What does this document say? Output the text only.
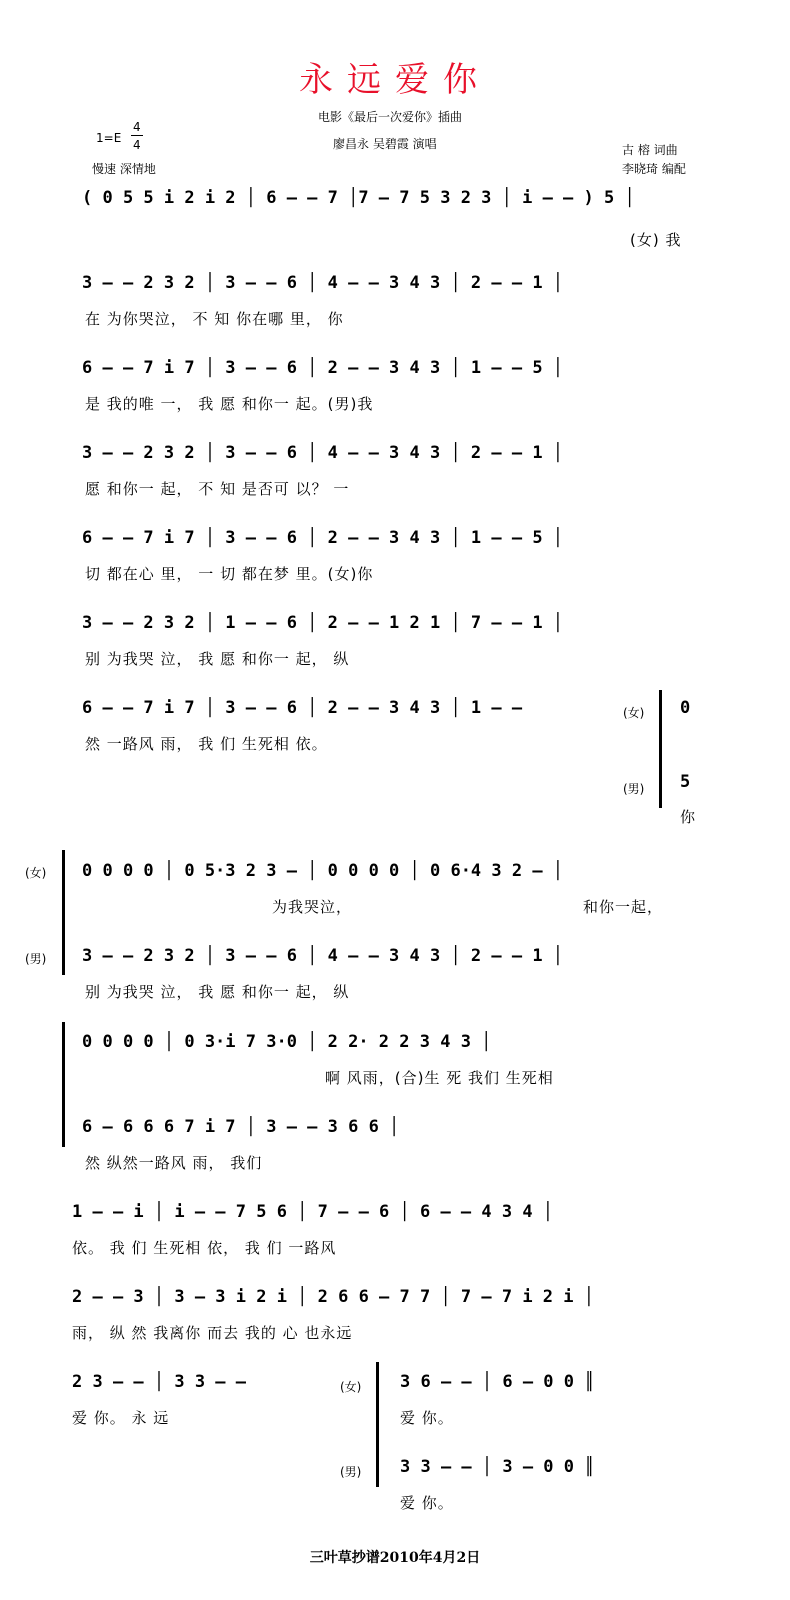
永远爱你
电影《最后一次爱你》插曲
廖昌永 吴碧霞 演唱
1=E
4
4
慢速 深情地
古 榕 词曲
李晓琦 编配
( 0 5 5 i 2 i 2 │ 6 – – 7 │7 – 7 5 3 2 3 │ i – – ) 5 │
(女) 我
3 – – 2 3 2 │ 3 – – 6 │ 4 – – 3 4 3 │ 2 – – 1 │
在 为你哭泣， 不 知 你在哪 里， 你
6 – – 7 i 7 │ 3 – – 6 │ 2 – – 3 4 3 │ 1 – – 5 │
是 我的唯 一， 我 愿 和你一 起。(男)我
3 – – 2 3 2 │ 3 – – 6 │ 4 – – 3 4 3 │ 2 – – 1 │
愿 和你一 起， 不 知 是否可 以？ 一
6 – – 7 i 7 │ 3 – – 6 │ 2 – – 3 4 3 │ 1 – – 5 │
切 都在心 里， 一 切 都在梦 里。(女)你
3 – – 2 3 2 │ 1 – – 6 │ 2 – – 1 2 1 │ 7 – – 1 │
别 为我哭 泣， 我 愿 和你一 起， 纵
6 – – 7 i 7 │ 3 – – 6 │ 2 – – 3 4 3 │ 1 – –
然 一路风 雨， 我 们 生死相 依。
(女) 0
(男) 5
你
(女) 0 0 0 0 │ 0 5·3 2 3 – │ 0 0 0 0 │ 0 6·4 3 2 – │
为我哭泣，	和你一起，
(男) 3 – – 2 3 2 │ 3 – – 6 │ 4 – – 3 4 3 │ 2 – – 1 │
别 为我哭 泣， 我 愿 和你一 起， 纵
0 0 0 0 │ 0 3·i 7 3·0 │ 2 2· 2 2 3 4 3 │
啊 风雨，(合)生 死 我们 生死相
6 – 6 6 6 7 i 7 │ 3 – – 3 6 6 │
然 纵然一路风 雨， 我们
1 – – i │ i – – 7 5 6 │ 7 – – 6 │ 6 – – 4 3 4 │
依。 我 们 生死相 依， 我 们 一路风
2 – – 3 │ 3 – 3 i 2 i │ 2 6 6 – 7 7 │ 7 – 7 i 2 i │
雨， 纵 然 我离你 而去 我的 心 也永远
2 3 – – │ 3 3 – –
爱 你。 永 远
(女) 3 6 – – │ 6 – 0 0 ║
爱 你。
(男) 3 3 – – │ 3 – 0 0 ║
爱 你。
三叶草抄谱2010年4月2日
